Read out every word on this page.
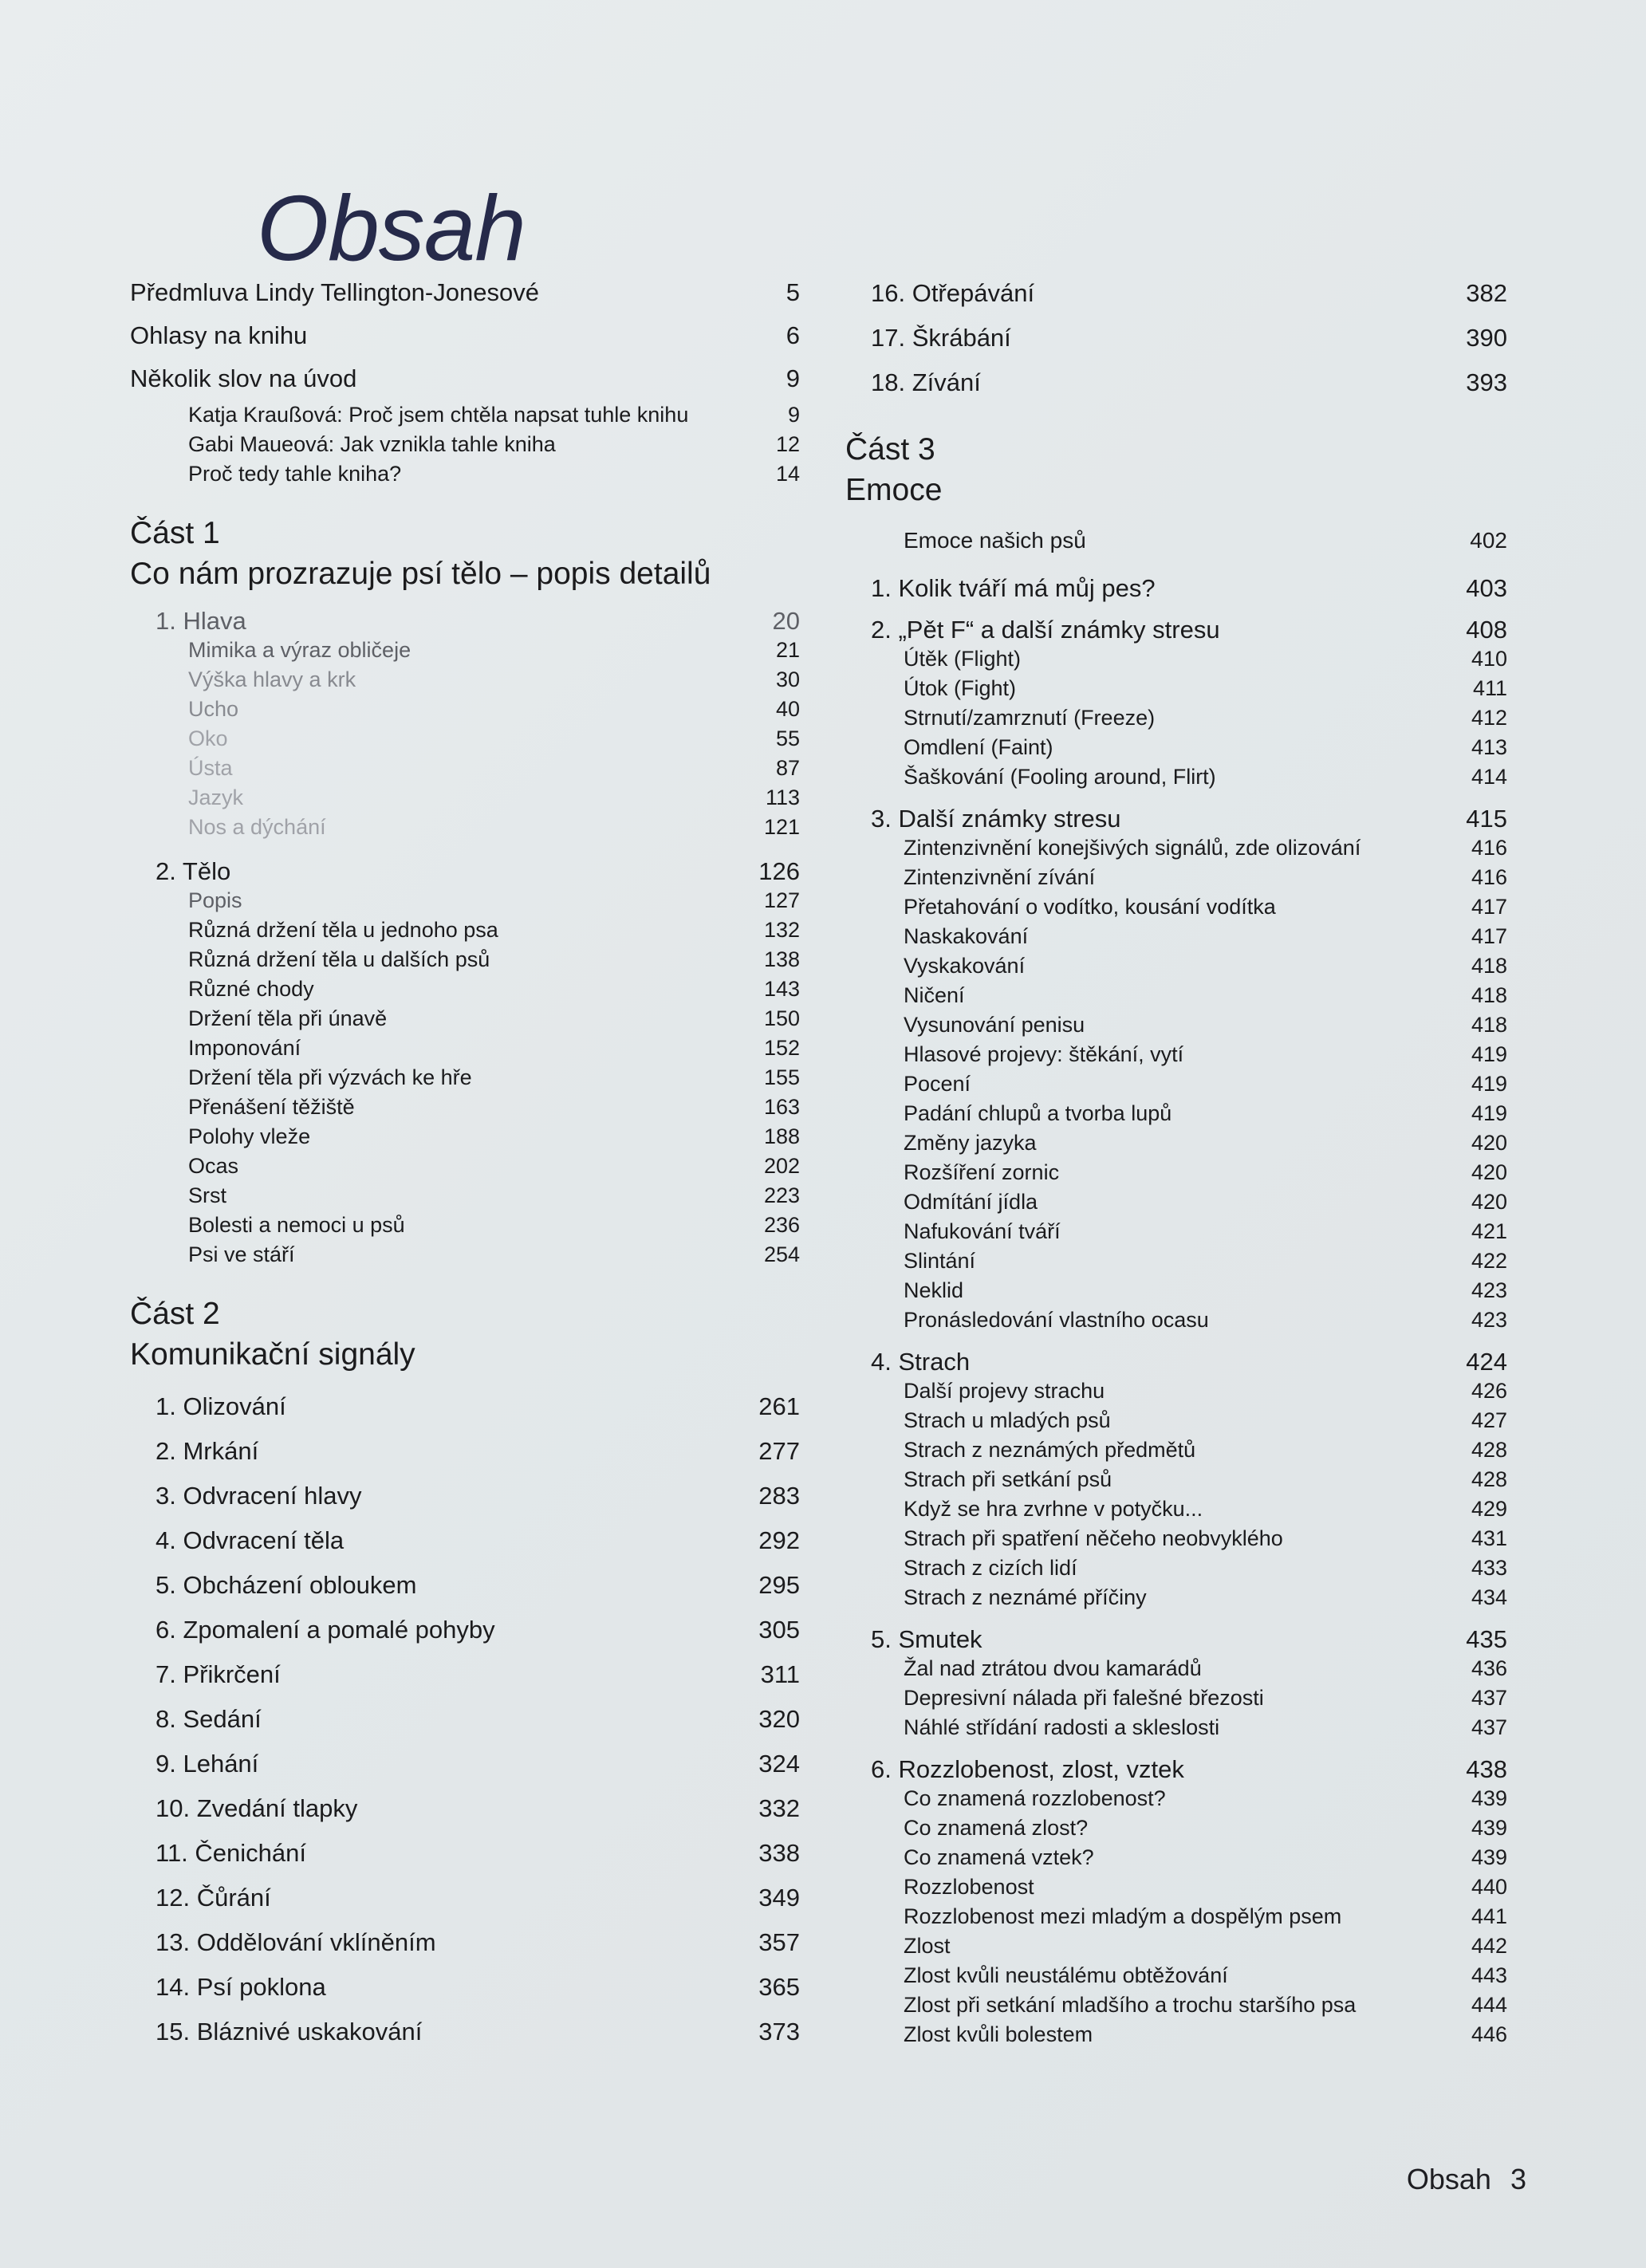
Obsah
Předmluva Lindy Tellington-Jonesové	5
Ohlasy na knihu	6
Několik slov na úvod	9
Katja Kraußová: Proč jsem chtěla napsat tuhle knihu	9
Gabi Maueová: Jak vznikla tahle kniha	12
Proč tedy tahle kniha?	14
Část 1
Co nám prozrazuje psí tělo – popis detailů
1. Hlava	20
Mimika a výraz obličeje	21
Výška hlavy a krk	30
Ucho	40
Oko	55
Ústa	87
Jazyk	113
Nos a dýchání	121
2. Tělo	126
Popis	127
Různá držení těla u jednoho psa	132
Různá držení těla u dalších psů	138
Různé chody	143
Držení těla při únavě	150
Imponování	152
Držení těla při výzvách ke hře	155
Přenášení těžiště	163
Polohy vleže	188
Ocas	202
Srst	223
Bolesti a nemoci u psů	236
Psi ve stáří	254
Část 2
Komunikační signály
1. Olizování	261
2. Mrkání	277
3. Odvracení hlavy	283
4. Odvracení těla	292
5. Obcházení obloukem	295
6. Zpomalení a pomalé pohyby	305
7. Přikrčení	311
8. Sedání	320
9. Lehání	324
10. Zvedání tlapky	332
11. Čenichání	338
12. Čůrání	349
13. Oddělování vklíněním	357
14. Psí poklona	365
15. Bláznivé uskakování	373
16. Otřepávání	382
17. Škrábání	390
18. Zívání	393
Část 3
Emoce
Emoce našich psů	402
1. Kolik tváří má můj pes?	403
2. „Pět F“ a další známky stresu	408
Útěk (Flight)	410
Útok (Fight)	411
Strnutí/zamrznutí (Freeze)	412
Omdlení (Faint)	413
Šaškování (Fooling around, Flirt)	414
3. Další známky stresu	415
Zintenzivnění konejšivých signálů, zde olizování	416
Zintenzivnění zívání	416
Přetahování o vodítko, kousání vodítka	417
Naskakování	417
Vyskakování	418
Ničení	418
Vysunování penisu	418
Hlasové projevy: štěkání, vytí	419
Pocení	419
Padání chlupů a tvorba lupů	419
Změny jazyka	420
Rozšíření zornic	420
Odmítání jídla	420
Nafukování tváří	421
Slintání	422
Neklid	423
Pronásledování vlastního ocasu	423
4. Strach	424
Další projevy strachu	426
Strach u mladých psů	427
Strach z neznámých předmětů	428
Strach při setkání psů	428
Když se hra zvrhne v potyčku...	429
Strach při spatření něčeho neobvyklého	431
Strach z cizích lidí	433
Strach z neznámé příčiny	434
5. Smutek	435
Žal nad ztrátou dvou kamarádů	436
Depresivní nálada při falešné březosti	437
Náhlé střídání radosti a skleslosti	437
6. Rozzlobenost, zlost, vztek	438
Co znamená rozzlobenost?	439
Co znamená zlost?	439
Co znamená vztek?	439
Rozzlobenost	440
Rozzlobenost mezi mladým a dospělým psem	441
Zlost	442
Zlost kvůli neustálému obtěžování	443
Zlost při setkání mladšího a trochu staršího psa	444
Zlost kvůli bolestem	446
Obsah 3
